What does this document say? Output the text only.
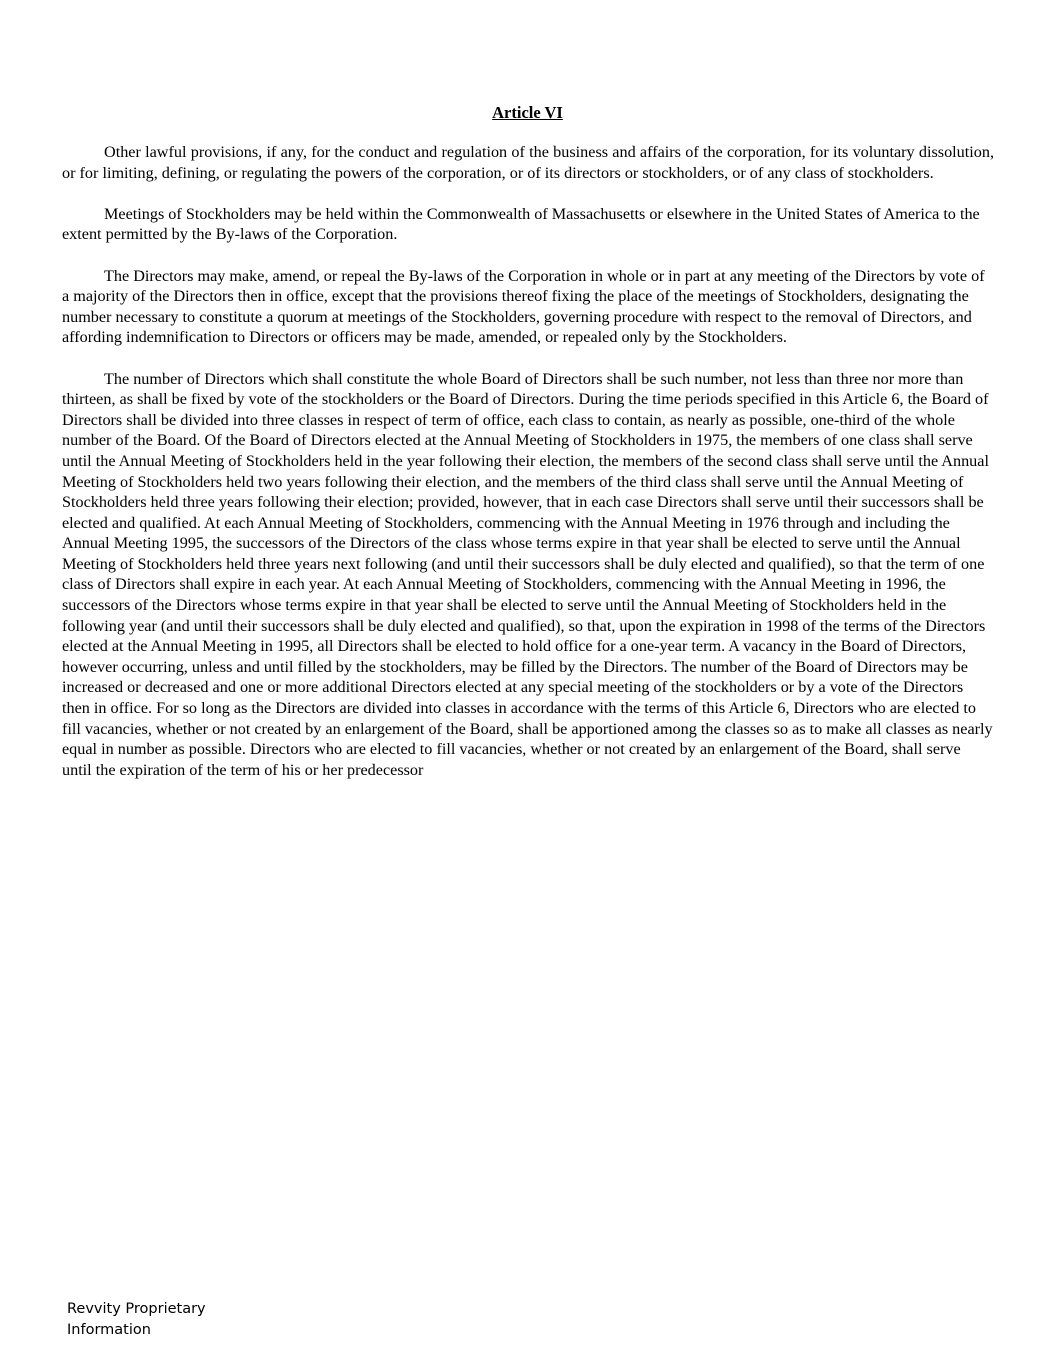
Article VI

Other lawful provisions, if any, for the conduct and regulation of the business and affairs of the corporation, for its voluntary dissolution, or for limiting, defining, or regulating the powers of the corporation, or of its directors or stockholders, or of any class of stockholders.

Meetings of Stockholders may be held within the Commonwealth of Massachusetts or elsewhere in the United States of America to the extent permitted by the By-laws of the Corporation.

The Directors may make, amend, or repeal the By-laws of the Corporation in whole or in part at any meeting of the Directors by vote of a majority of the Directors then in office, except that the provisions thereof fixing the place of the meetings of Stockholders, designating the number necessary to constitute a quorum at meetings of the Stockholders, governing procedure with respect to the removal of Directors, and affording indemnification to Directors or officers may be made, amended, or repealed only by the Stockholders.

The number of Directors which shall constitute the whole Board of Directors shall be such number, not less than three nor more than thirteen, as shall be fixed by vote of the stockholders or the Board of Directors. During the time periods specified in this Article 6, the Board of Directors shall be divided into three classes in respect of term of office, each class to contain, as nearly as possible, one-third of the whole number of the Board. Of the Board of Directors elected at the Annual Meeting of Stockholders in 1975, the members of one class shall serve until the Annual Meeting of Stockholders held in the year following their election, the members of the second class shall serve until the Annual Meeting of Stockholders held two years following their election, and the members of the third class shall serve until the Annual Meeting of Stockholders held three years following their election; provided, however, that in each case Directors shall serve until their successors shall be elected and qualified. At each Annual Meeting of Stockholders, commencing with the Annual Meeting in 1976 through and including the Annual Meeting 1995, the successors of the Directors of the class whose terms expire in that year shall be elected to serve until the Annual Meeting of Stockholders held three years next following (and until their successors shall be duly elected and qualified), so that the term of one class of Directors shall expire in each year. At each Annual Meeting of Stockholders, commencing with the Annual Meeting in 1996, the successors of the Directors whose terms expire in that year shall be elected to serve until the Annual Meeting of Stockholders held in the following year (and until their successors shall be duly elected and qualified), so that, upon the expiration in 1998 of the terms of the Directors elected at the Annual Meeting in 1995, all Directors shall be elected to hold office for a one-year term. A vacancy in the Board of Directors, however occurring, unless and until filled by the stockholders, may be filled by the Directors. The number of the Board of Directors may be increased or decreased and one or more additional Directors elected at any special meeting of the stockholders or by a vote of the Directors then in office. For so long as the Directors are divided into classes in accordance with the terms of this Article 6, Directors who are elected to fill vacancies, whether or not created by an enlargement of the Board, shall be apportioned among the classes so as to make all classes as nearly equal in number as possible. Directors who are elected to fill vacancies, whether or not created by an enlargement of the Board, shall serve until the expiration of the term of his or her predecessor

Revvity Proprietary
Information
